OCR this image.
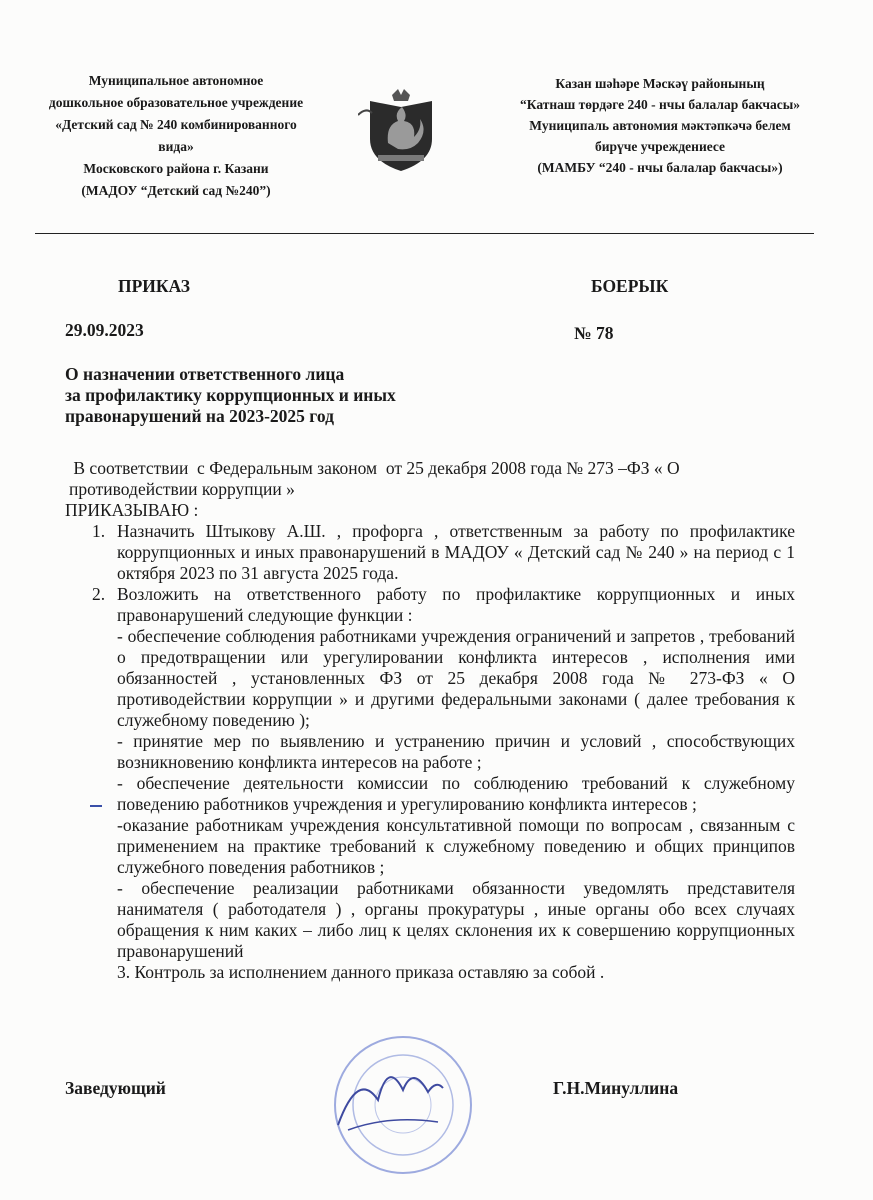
Муниципальное автономное
дошкольное образовательное учреждение
«Детский сад № 240 комбинированного
вида»
Московского района г. Казани
(МАДОУ “Детский сад №240”)
Казан шәһәре Мәскәү районының
“Катнаш төрдәге 240 - нчы балалар бакчасы»
Муниципаль автономия мәктәпкәчә белем
бирүче учреждениесе
(МАМБУ “240 - нчы балалар бакчасы»)
ПРИКАЗ	БОЕРЫК
29.09.2023	№ 78
О назначении ответственного лица
за профилактику коррупционных и иных
правонарушений на 2023-2025 год
В соответствии  с Федеральным законом  от 25 декабря 2008 года № 273 –ФЗ « О противодействии коррупции »
ПРИКАЗЫВАЮ :
1. Назначить Штыкову А.Ш. , профорга , ответственным за работу по профилактике коррупционных и иных правонарушений в МАДОУ « Детский сад № 240 » на период с 1 октября 2023 по 31 августа 2025 года.

2. Возложить на ответственного работу по профилактике коррупционных и иных правонарушений следующие функции :

- обеспечение соблюдения работниками учреждения ограничений и запретов , требований о предотвращении или урегулировании конфликта интересов , исполнения ими обязанностей , установленных ФЗ от 25 декабря 2008 года № 273-ФЗ « О противодействии коррупции » и другими федеральными законами ( далее требования к служебному поведению );

- принятие мер по выявлению и устранению причин и условий , способствующих возникновению конфликта интересов на работе ;

- обеспечение деятельности комиссии по соблюдению требований к служебному поведению работников учреждения и урегулированию конфликта интересов ;

-оказание работникам учреждения консультативной помощи по вопросам , связанным с применением на практике требований к служебному поведению и общих принципов служебного поведения работников ;

- обеспечение реализации работниками обязанности уведомлять представителя нанимателя ( работодателя ) , органы прокуратуры , иные органы обо всех случаях обращения к ним каких – либо лиц к целях склонения их к совершению коррупционных правонарушений

3. Контроль за исполнением данного приказа оставляю за собой .
Заведующий	Г.Н.Минуллина
